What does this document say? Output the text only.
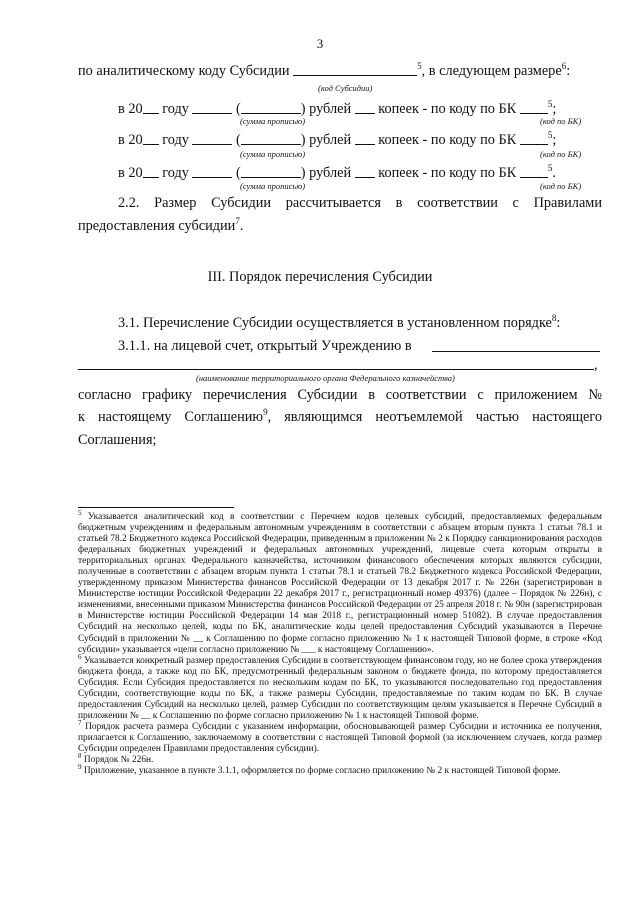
3
по аналитическому коду Субсидии	$^5$, в следующем размере$^6$:
(код Субсидии)
в 20 году	(	) рублей  копеек - по коду по БК	$^5$;
(сумма прописью)	(код по БК)
в 20 году	(	) рублей  копеек - по коду по БК	$^5$;
(сумма прописью)	(код по БК)
в 20 году	(	) рублей  копеек - по коду по БК	$^5$.
(сумма прописью)	(код по БК)
2.2. Размер Субсидии рассчитывается в соответствии с Правилами
предоставления субсидии$^7$.
III. Порядок перечисления Субсидии
3.1. Перечисление Субсидии осуществляется в установленном порядке$^8$:
3.1.1. на лицевой счет, открытый Учреждению в
,
(наименование территориального органа Федерального казначейства)
согласно графику перечисления Субсидии в соответствии с приложением №
к настоящему Соглашению$^9$, являющимся неотъемлемой частью настоящего
Соглашения;

$^5$ Указывается аналитический код в соответствии с Перечнем кодов целевых субсидий, предоставляемых федеральным бюджетным учреждениям и федеральным автономным учреждениям в соответствии с абзацем вторым пункта 1 статьи 78.1 и статьей 78.2 Бюджетного кодекса Российской Федерации, приведенным в приложении № 2 к Порядку санкционирования расходов федеральных бюджетных учреждений и федеральных автономных учреждений, лицевые счета которым открыты в территориальных органах Федерального казначейства, источником финансового обеспечения которых являются субсидии, полученные в соответствии с абзацем вторым пункта 1 статьи 78.1 и статьей 78.2 Бюджетного кодекса Российской Федерации, утвержденному приказом Министерства финансов Российской Федерации от 13 декабря 2017 г. № 226н (зарегистрирован в Министерстве юстиции Российской Федерации 22 декабря 2017 г., регистрационный номер 49376) (далее – Порядок № 226н), с изменениями, внесенными приказом Министерства финансов Российской Федерации от 25 апреля 2018 г. № 90н (зарегистрирован в Министерстве юстиции Российской Федерации 14 мая 2018 г., регистрационный номер 51082). В случае предоставления Субсидий на несколько целей, коды по БК, аналитические коды целей предоставления Субсидий указываются в Перечне Субсидий в приложении № __ к Соглашению по форме согласно приложению № 1 к настоящей Типовой форме, в строке «Код субсидии» указывается «цели согласно приложению № ___ к настоящему Соглашению».

$^6$ Указывается конкретный размер предоставления Субсидии в соответствующем финансовом году, но не более срока утверждения бюджета фонда, а также код по БК, предусмотренный федеральным законом о бюджете фонда, по которому предоставляется Субсидия. Если Субсидия предоставляется по нескольким кодам по БК, то указываются последовательно год предоставления Субсидии, соответствующие коды по БК, а также размеры Субсидии, предоставляемые по таким кодам по БК. В случае предоставления Субсидий на несколько целей, размер Субсидии по соответствующим целям указывается в Перечне Субсидий в приложении № __ к Соглашению по форме согласно приложению № 1 к настоящей Типовой форме.

$^7$ Порядок расчета размера Субсидии с указанием информации, обосновывающей размер Субсидии и источника ее получения, прилагается к Соглашению, заключаемому в соответствии с настоящей Типовой формой (за исключением случаев, когда размер Субсидии определен Правилами предоставления субсидии).

$^8$ Порядок № 226н.

$^9$ Приложение, указанное в пункте 3.1.1, оформляется по форме согласно приложению № 2 к настоящей Типовой форме.
